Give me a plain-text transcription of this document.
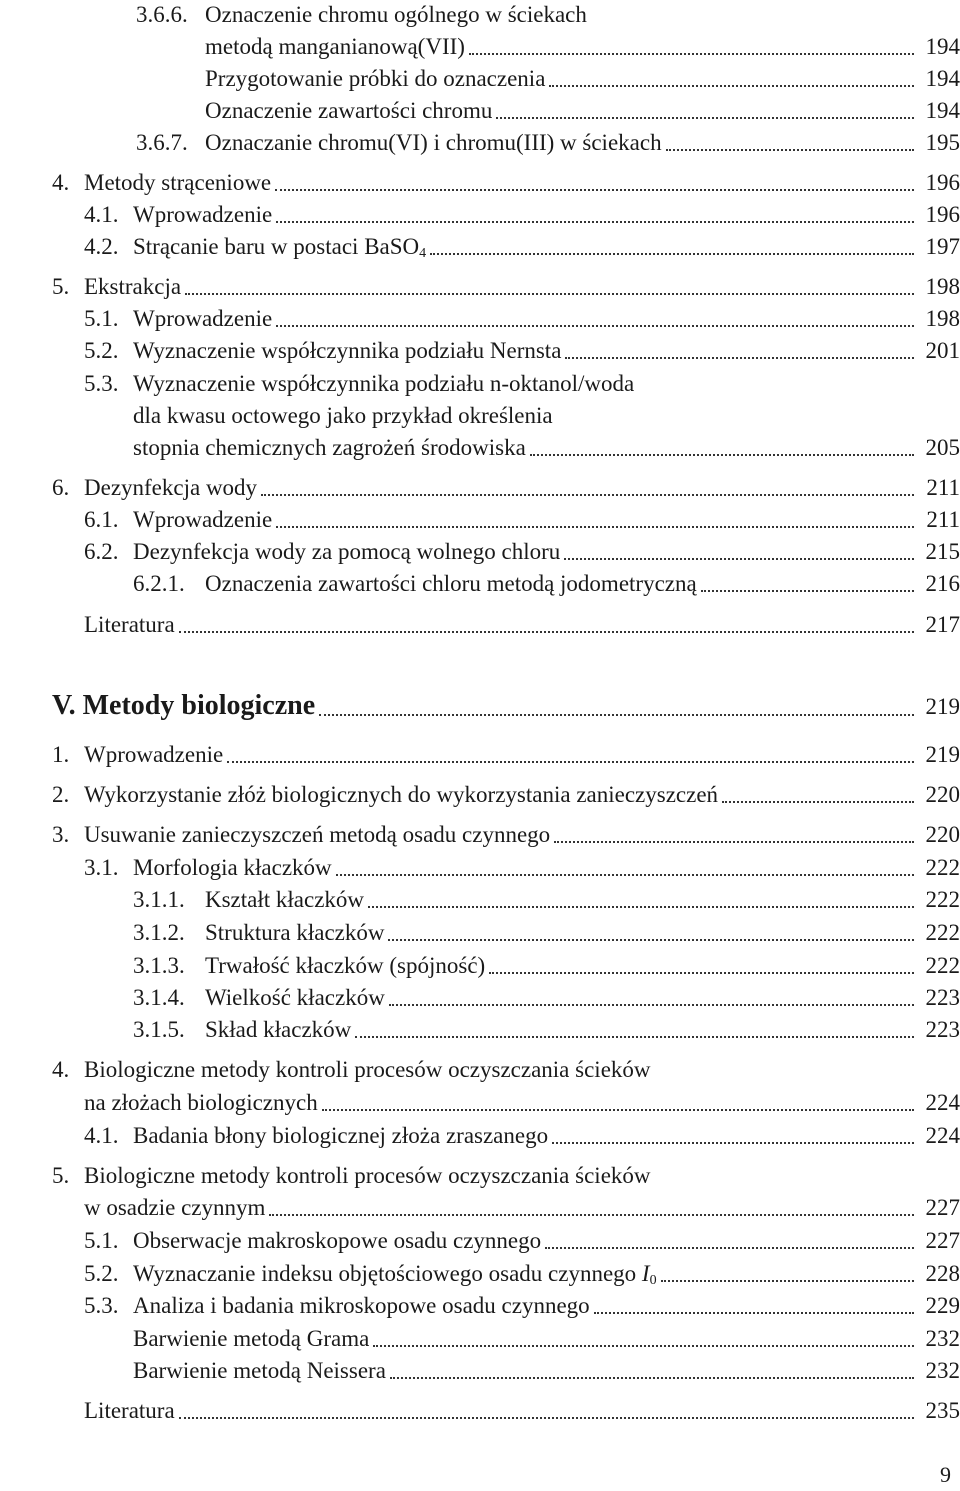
3.6.6. Oznaczenie chromu ogólnego w ściekach
metodą manganianową(VII)	194
Przygotowanie próbki do oznaczenia	194
Oznaczenie zawartości chromu	194
3.6.7. Oznaczanie chromu(VI) i chromu(III) w ściekach	195
4. Metody strąceniowe	196
4.1. Wprowadzenie	196
4.2. Strącanie baru w postaci BaSO$_4$	197
5. Ekstrakcja	198
5.1. Wprowadzenie	198
5.2. Wyznaczenie współczynnika podziału Nernsta	201
5.3. Wyznaczenie współczynnika podziału n-oktanol/woda
dla kwasu octowego jako przykład określenia
stopnia chemicznych zagrożeń środowiska	205
6. Dezynfekcja wody	211
6.1. Wprowadzenie	211
6.2. Dezynfekcja wody za pomocą wolnego chloru	215
6.2.1. Oznaczenia zawartości chloru metodą jodometryczną	216
Literatura	217
V. Metody biologiczne	219
1. Wprowadzenie	219
2. Wykorzystanie złóż biologicznych do wykorzystania zanieczyszczeń	220
3. Usuwanie zanieczyszczeń metodą osadu czynnego	220
3.1. Morfologia kłaczków	222
3.1.1. Kształt kłaczków	222
3.1.2. Struktura kłaczków	222
3.1.3. Trwałość kłaczków (spójność)	222
3.1.4. Wielkość kłaczków	223
3.1.5. Skład kłaczków	223
4. Biologiczne metody kontroli procesów oczyszczania ścieków
na złożach biologicznych	224
4.1. Badania błony biologicznej złoża zraszanego	224
5. Biologiczne metody kontroli procesów oczyszczania ścieków
w osadzie czynnym	227
5.1. Obserwacje makroskopowe osadu czynnego	227
5.2. Wyznaczanie indeksu objętościowego osadu czynnego $I_0$	228
5.3. Analiza i badania mikroskopowe osadu czynnego	229
Barwienie metodą Grama	232
Barwienie metodą Neissera	232
Literatura	235
9
